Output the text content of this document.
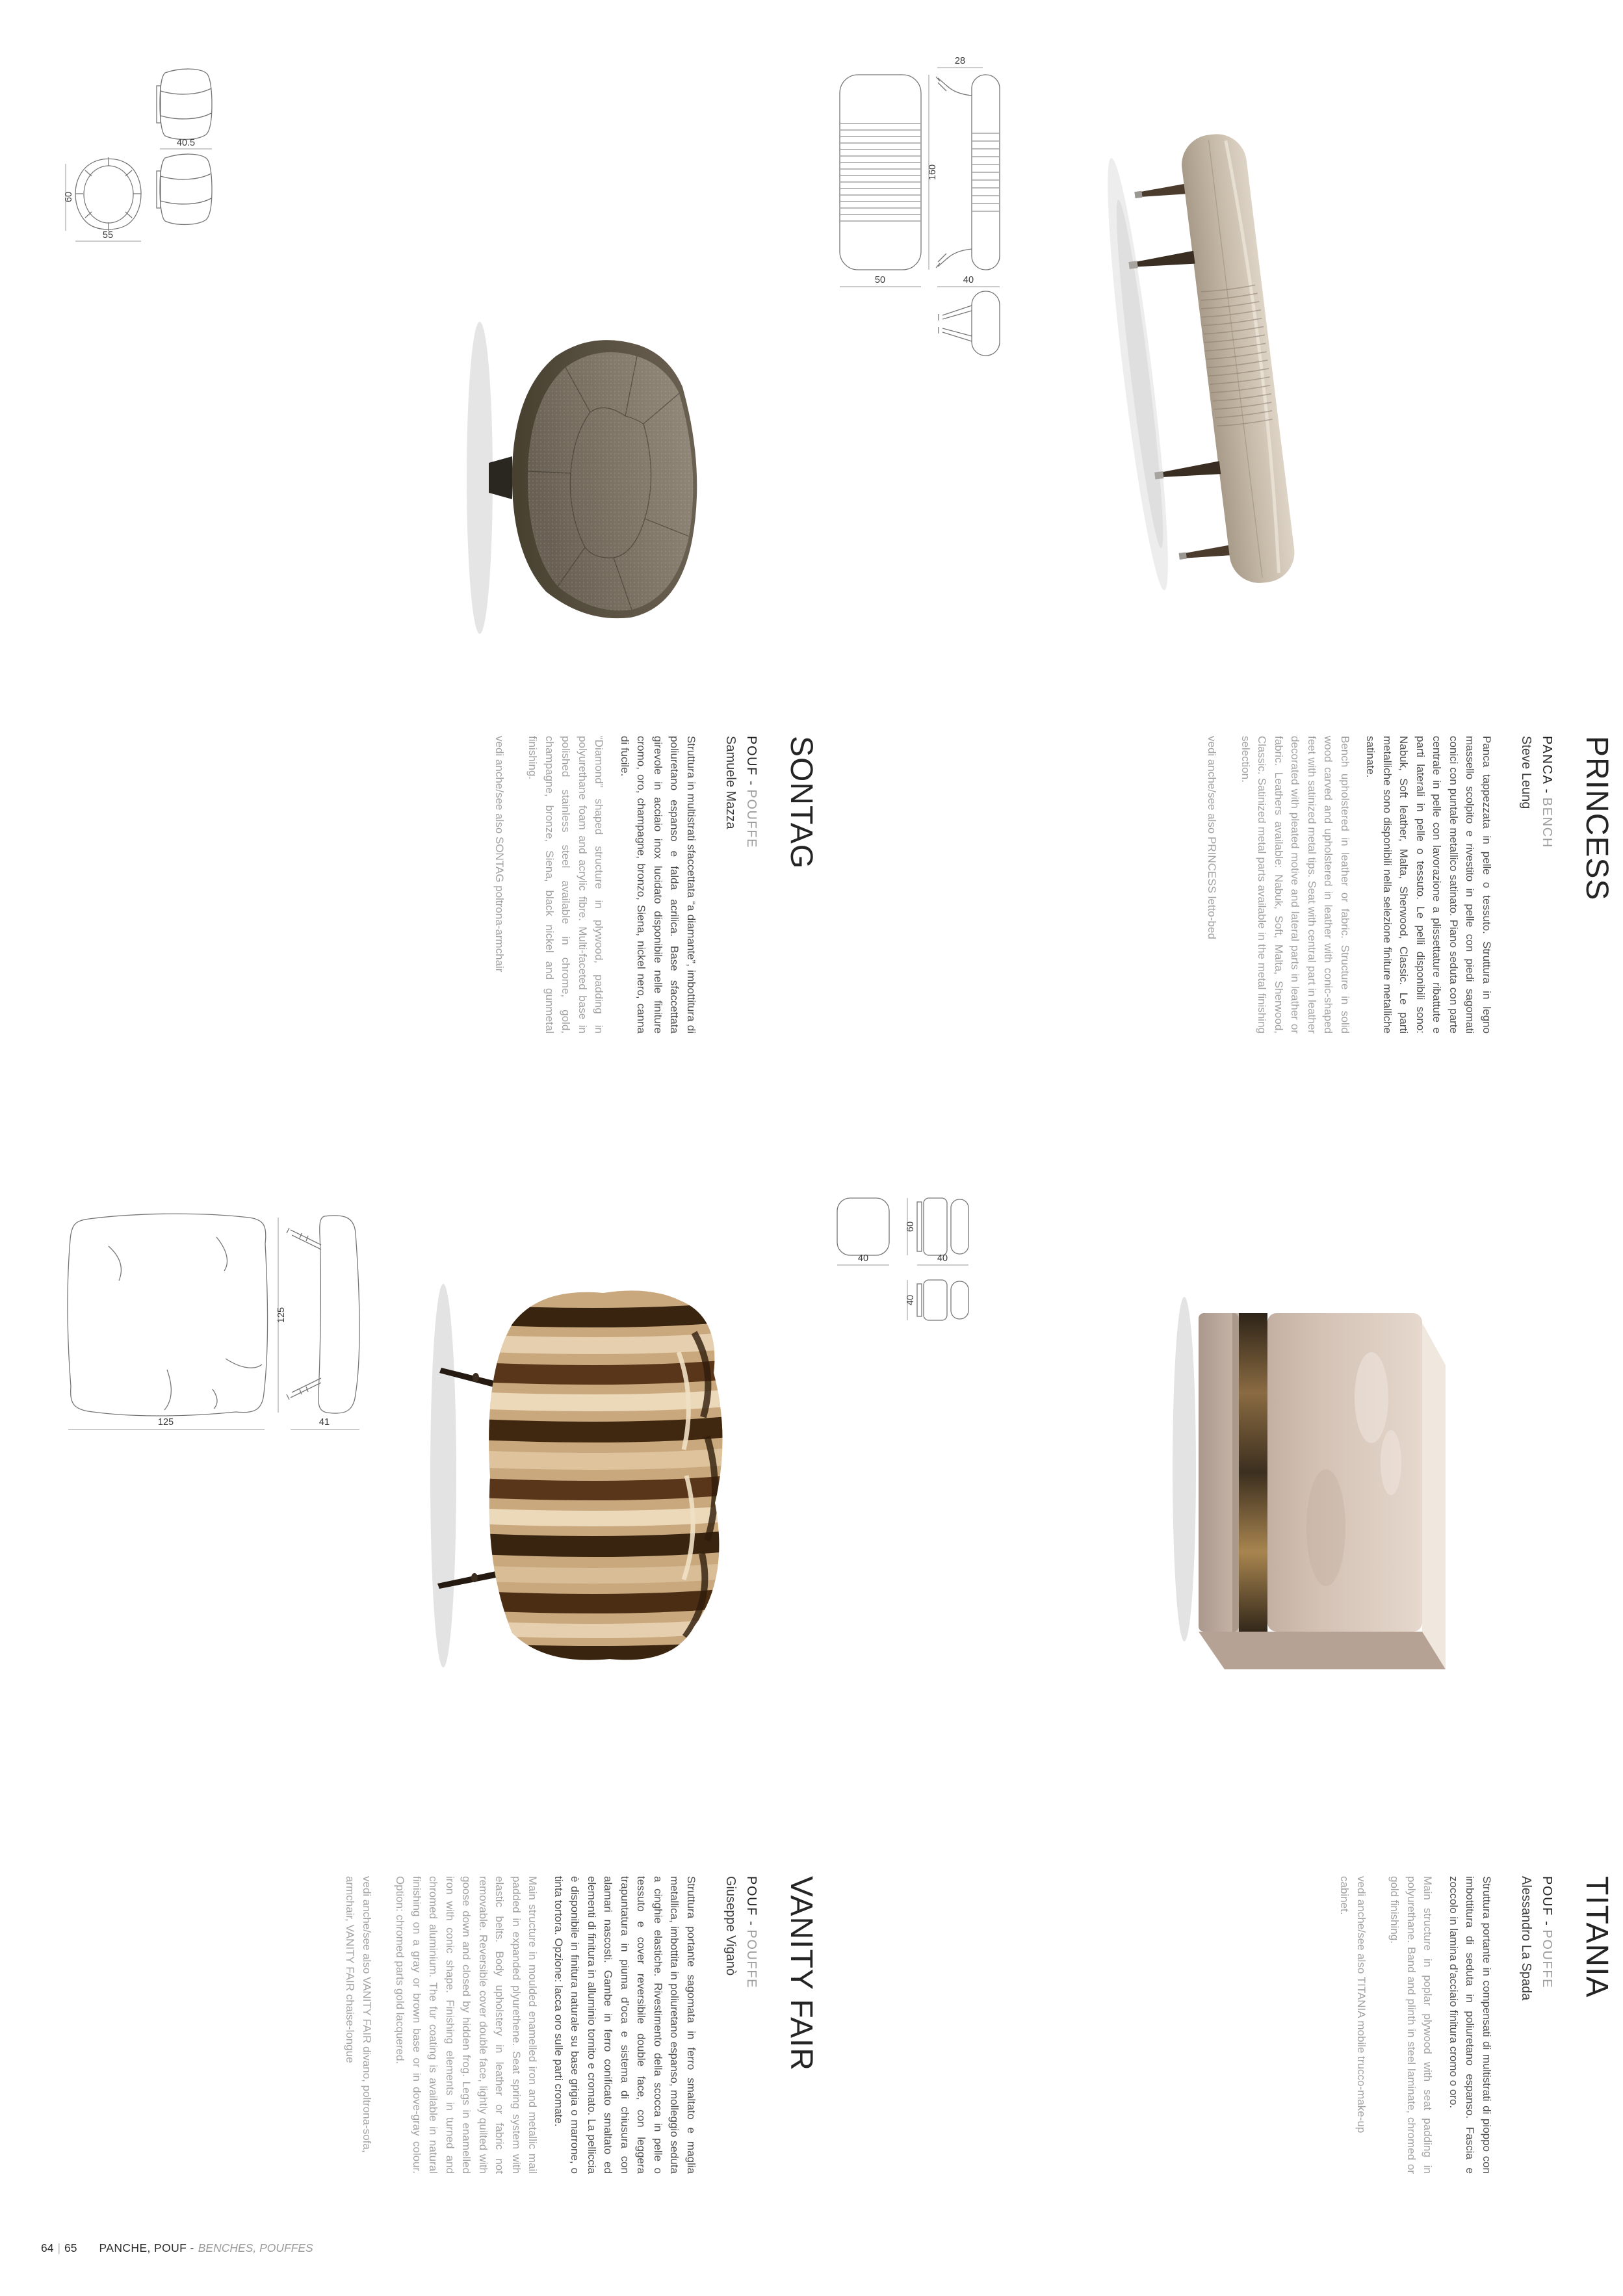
PRINCESS
PANCA -BENCH
Steve Leung

Panca tappezzata in pelle o tessuto. Struttura in legno massello scolpito e rivestito in pelle con piedi sagomati conici con puntale metallico satinato. Piano seduta con parte centrale in pelle con lavorazione a plissettature ribattute e parti laterali in pelle o tessuto. Le pelli disponibili sono: Nabuk, Soft leather, Malta, Sherwood, Classic. Le parti metalliche sono disponibili nella selezione finiture metalliche satinate.

Bench upholstered in leather or fabric. Structure in solid wood carved and upholstered in leather with conic-shaped feet with satinized metal tips. Seat with central part in leather decorated with pleated motive and lateral parts in leather or fabric. Leathers available: Nabuk, Soft, Malta, Sherwood, Classic. Satinized metal parts available in the metal finishing selection.

vedi anche/see also PRINCESS letto-bed

SONTAG
POUF -POUFFE
Samuele Mazza

Struttura in multistrati sfaccettata “a diamante”, imbottitura di poliuretano espanso e falda acrilica. Base sfaccettata girevole in acciaio inox lucidato disponibile nelle finiture cromo, oro, champagne, bronzo, Siena, nickel nero, canna di fucile.

“Diamond” shaped structure in plywood, padding in polyurethane foam and acrylic fibre. Multi-faceted base in polished stainless steel available in chrome, gold, champagne, bronze, Siena, black nickel and gunmetal finishing.

vedi anche/see also SONTAG poltrona-armchair

TITANIA
POUF -POUFFE
Alessandro La Spada

Struttura portante in compensati di multistrati di pioppo con imbottitura di seduta in poliuretano espanso. Fascia e zoccolo in lamina d’acciaio finitura cromo o oro.

Main structure in poplar plywood with seat padding in polyurethane. Band and plinth in steel laminate, chromed or gold finishing.

vedi anche/see also TITANIA mobile trucco-make-up cabinet.

VANITY FAIR
POUF -POUFFE
Giuseppe Viganò

Struttura portante sagomata in ferro smaltato e maglia metallica, imbottita in poliuretano espanso, molleggio seduta a cinghie elastiche. Rivestimento della scocca in pelle o tessuto e cover reversibile double face, con leggera trapuntatura in piuma d’oca e sistema di chiusura con alamari nascosti. Gambe in ferro conificato smaltato ed elementi di finitura in alluminio tornito e cromato. La pelliccia è disponibile in finitura naturale su base grigia o marrone, o tinta tortora. Opzione: lacca oro sulle parti cromate.

Main structure in moulded enamelled iron and metallic mail padded in expanded plyurethene. Seat spring system with elastic belts. Body upholstery in leather or fabric not removable. Reversible cover double face, lightly quilted with goose down and closed by hidden frog. Legs in enamelled iron with conic shape. Finishing elements in turned and chromed aluminium. The fur coating is available in natural finishing on a gray or brown base or in dove-gray colour. Option: chromed parts gold lacquered.

vedi anche/see also VANITY FAIR divano, poltrona-sofa, armchair, VANITY FAIR chaise-longue

40.5
60
55
28
160
50	40
125
125
41
40
60
40
40
64 | 65 PANCHE, POUF - BENCHES, POUFFES
